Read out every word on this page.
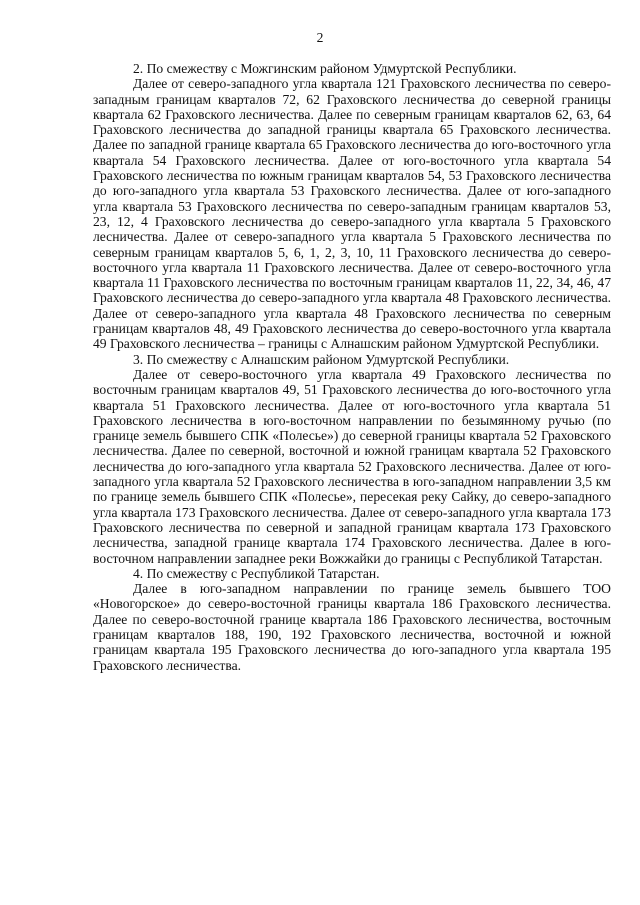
2

2. По смежеству с Можгинским районом Удмуртской Республики.

Далее от северо-западного угла квартала 121 Граховского лесничества по северо-западным границам кварталов 72, 62 Граховского лесничества до северной границы квартала 62 Граховского лесничества. Далее по северным границам кварталов 62, 63, 64 Граховского лесничества до западной границы квартала 65 Граховского лесничества. Далее по западной границе квартала 65 Граховского лесничества до юго-восточного угла квартала 54 Граховского лесничества. Далее от юго-восточного угла квартала 54 Граховского лесничества по южным границам кварталов 54, 53 Граховского лесничества до юго-западного угла квартала 53 Граховского лесничества. Далее от юго-западного угла квартала 53 Граховского лесничества по северо-западным границам кварталов 53, 23, 12, 4 Граховского лесничества до северо-западного угла квартала 5 Граховского лесничества. Далее от северо-западного угла квартала 5 Граховского лесничества по северным границам кварталов 5, 6, 1, 2, 3, 10, 11 Граховского лесничества до северо-восточного угла квартала 11 Граховского лесничества. Далее от северо-восточного угла квартала 11 Граховского лесничества по восточным границам кварталов 11, 22, 34, 46, 47 Граховского лесничества до северо-западного угла квартала 48 Граховского лесничества. Далее от северо-западного угла квартала 48 Граховского лесничества по северным границам кварталов 48, 49 Граховского лесничества до северо-восточного угла квартала 49 Граховского лесничества – границы с Алнашским районом Удмуртской Республики.

3. По смежеству с Алнашским районом Удмуртской Республики.

Далее от северо-восточного угла квартала 49 Граховского лесничества по восточным границам кварталов 49, 51 Граховского лесничества до юго-восточного угла квартала 51 Граховского лесничества. Далее от юго-восточного угла квартала 51 Граховского лесничества в юго-восточном направлении по безымянному ручью (по границе земель бывшего СПК «Полесье») до северной границы квартала 52 Граховского лесничества. Далее по северной, восточной и южной границам квартала 52 Граховского лесничества до юго-западного угла квартала 52 Граховского лесничества. Далее от юго-западного угла квартала 52 Граховского лесничества в юго-западном направлении 3,5 км по границе земель бывшего СПК «Полесье», пересекая реку Сайку, до северо-западного угла квартала 173 Граховского лесничества. Далее от северо-западного угла квартала 173 Граховского лесничества по северной и западной границам квартала 173 Граховского лесничества, западной границе квартала 174 Граховского лесничества. Далее в юго-восточном направлении западнее реки Вожжайки до границы с Республикой Татарстан.

4. По смежеству с Республикой Татарстан.

Далее в юго-западном направлении по границе земель бывшего ТОО «Новогорское» до северо-восточной границы квартала 186 Граховского лесничества. Далее по северо-восточной границе квартала 186 Граховского лесничества, восточным границам кварталов 188, 190, 192 Граховского лесничества, восточной и южной границам квартала 195 Граховского лесничества до юго-западного угла квартала 195 Граховского лесничества.
